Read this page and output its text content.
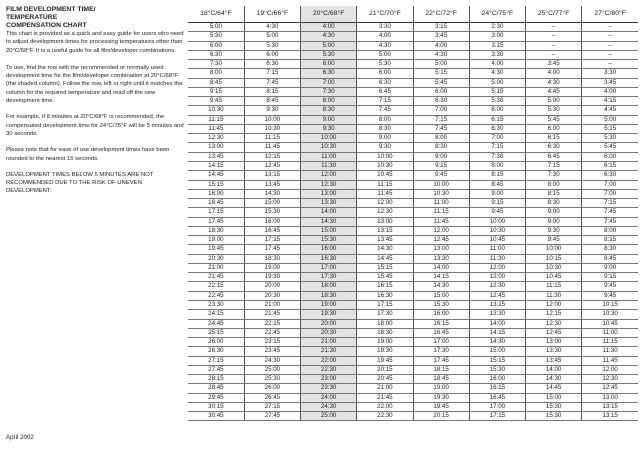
FILM DEVELOPMENT TIME/
TEMPERATURE
COMPENSATION CHART

This chart is provided as a quick and easy guide for users who need to adjust development times for processing temperatures other than 20°C/68°F. It is a useful guide for all film/developer combinations.

To use, find the row with the recommended or normally used development time for the film/developer combination at 20°C/68°F (the shaded column). Follow the row, left or right until it matches the column for the required temperature and read off the new development time.

For example, if 8 minutes at 20°C/68°F is recommended, the compensated development time for 24°C/75°F will be 5 minutes and 30 seconds.

Please note that for ease of use development times have been rounded to the nearest 15 seconds.

DEVELOPMENT TIMES BELOW 5 MINUTES ARE NOT RECOMMENDED DUE TO THE RISK OF UNEVEN DEVELOPMENT.

April 2002
18°C/64°F	19°C/66°F	20°C/68°F	21°C/70°F	22°C/72°F	24°C/75°F	25°C/77°F	27°C/80°F
5:00	4:30	4:00	3:30	3:15	2:30	–	–
5:30	5:00	4:30	4:00	3:45	3:00	–	–
6:00	5:30	5:00	4:30	4:00	3:15	–	–
6:30	6:00	5:30	5:00	4:30	3:30	–	–
7:30	6:30	6:00	5:30	5:00	4:00	3:45	–
8:00	7:15	6:30	6:00	5:15	4:30	4:00	3:30
8:45	7:45	7:00	6:30	5:45	5:00	4:30	3:45
9:15	8:15	7:30	6:45	6:00	5:15	4:45	4:00
9:45	8:45	8:00	7:15	6:30	5:30	5:00	4:15
10:30	9:30	8:30	7:45	7:00	6:00	5:30	4:45
11:15	10:00	9:00	8:00	7:15	6:15	5:45	5:00
11:45	10:30	9:30	8:30	7:45	6:30	6:00	5:15
12:30	11:15	10:00	9:00	8:00	7:00	6:15	5:30
13:00	11:45	10:30	9:30	8:30	7:15	6:30	5:45
13:45	12:15	11:00	10:00	9:00	7:30	6:45	6:00
14:15	12:45	11:30	10:30	9:15	8:00	7:15	6:15
14:45	13:15	12:00	10:45	9:45	8:15	7:30	6:30
15:15	13:45	12:30	11:15	10:00	8:45	8:00	7:00
16:00	14:30	13:00	11:45	10:30	9:00	8:15	7:00
16:45	15:00	13:30	12:00	11:00	9:15	8:30	7:15
17:15	15:30	14:00	12:30	11:15	9:45	9:00	7:45
17:45	16:00	14:30	13:00	11:45	10:00	9:00	7:45
18:30	16:45	15:00	13:15	12:00	10:30	9:30	8:00
19:00	17:15	15:30	13:45	12:45	10:45	9:45	8:15
19:45	17:45	16:00	14:30	13:00	11:00	10:00	8:30
20:30	18:30	16:30	14:45	13:30	11:30	10:15	8:45
21:00	19:00	17:00	15:15	14:00	12:00	10:30	9:00
21:45	19:30	17:30	15:45	14:15	12:00	10:45	9:15
22:15	20:00	18:00	16:15	14:30	12:30	11:15	9:45
22:45	20:30	18:30	16:30	15:00	12:45	11:30	9:45
23:30	21:00	19:00	17:15	15:30	13:15	12:00	10:15
24:15	21:45	19:30	17:30	16:00	13:30	12:15	10:30
24:45	22:15	20:00	18:00	16:15	14:00	12:30	10:45
25:15	22:45	20:30	18:30	16:45	14:15	12:45	11:00
26:00	23:15	21:00	19:00	17:00	14:30	13:00	11:15
26:30	23:45	21:30	19:30	17:30	15:00	13:30	11:30
27:15	24:30	22:00	19:45	17:45	15:15	13:45	11:45
27:45	25:00	22:30	20:15	18:15	15:30	14:00	12:00
28:15	25:30	23:00	20:45	18:45	16:00	14:30	12:30
28:45	26:00	23:30	21:00	19:00	16:15	14:45	12:45
29:45	26:45	24:00	21:45	19:30	16:45	15:00	13:00
30:15	27:15	24:30	22:00	19:45	17:00	15:30	13:15
30:45	27:45	25:00	22:30	20:15	17:15	15:30	13:15
